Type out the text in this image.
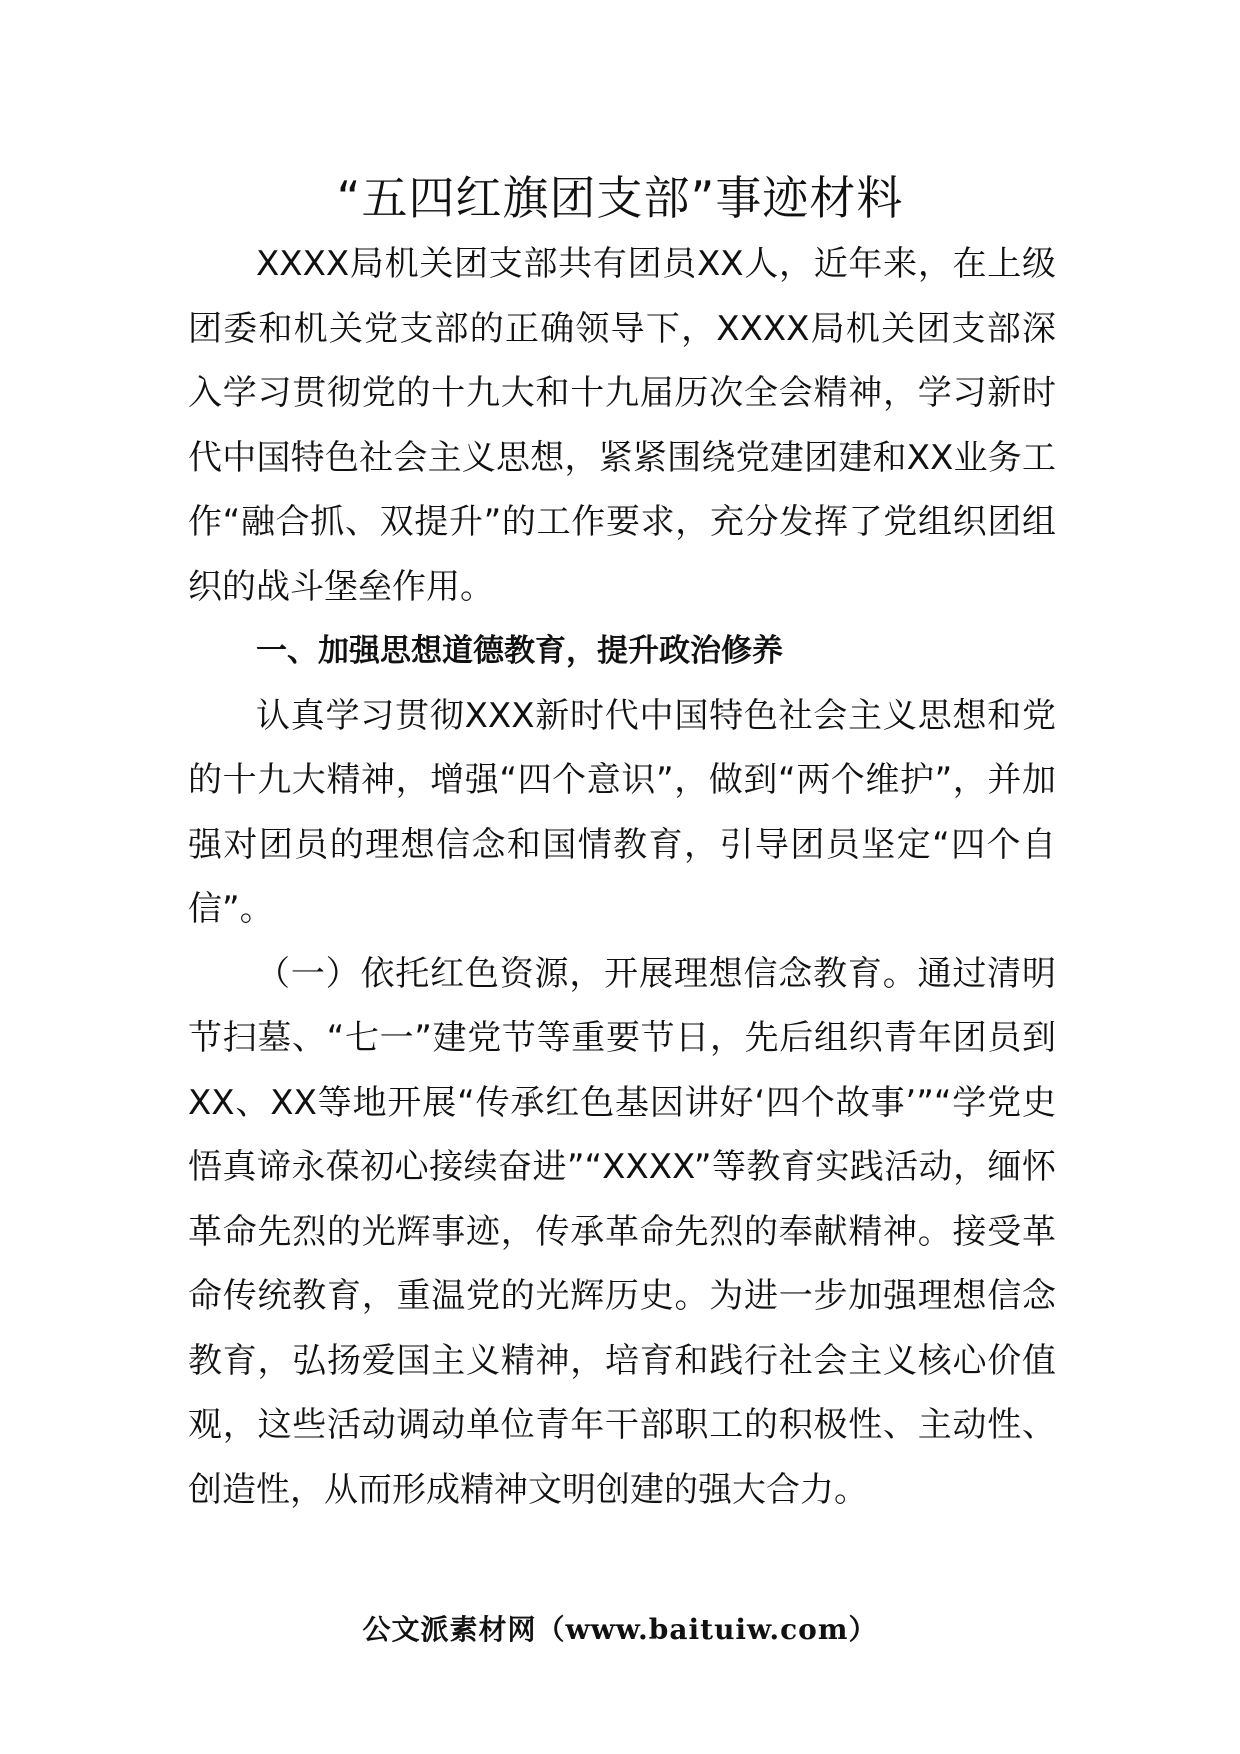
“五四红旗团支部”事迹材料

XXXX局机关团支部共有团员XX人，近年来，在上级团委和机关党支部的正确领导下，XXXX局机关团支部深入学习贯彻党的十九大和十九届历次全会精神，学习新时代中国特色社会主义思想，紧紧围绕党建团建和XX业务工作“融合抓、双提升”的工作要求，充分发挥了党组织团组织的战斗堡垒作用。

一、加强思想道德教育，提升政治修养

认真学习贯彻XXX新时代中国特色社会主义思想和党的十九大精神，增强“四个意识”，做到“两个维护”，并加强对团员的理想信念和国情教育，引导团员坚定“四个自信”。

（一）依托红色资源，开展理想信念教育。通过清明节扫墓、“七一”建党节等重要节日，先后组织青年团员到XX、XX等地开展“传承红色基因讲好‘四个故事’”“学党史悟真谛永葆初心接续奋进”“XXXX”等教育实践活动，缅怀革命先烈的光辉事迹，传承革命先烈的奉献精神。接受革命传统教育，重温党的光辉历史。为进一步加强理想信念教育，弘扬爱国主义精神，培育和践行社会主义核心价值观，这些活动调动单位青年干部职工的积极性、主动性、创造性，从而形成精神文明创建的强大合力。

公文派素材网（www.baituiw.com）
